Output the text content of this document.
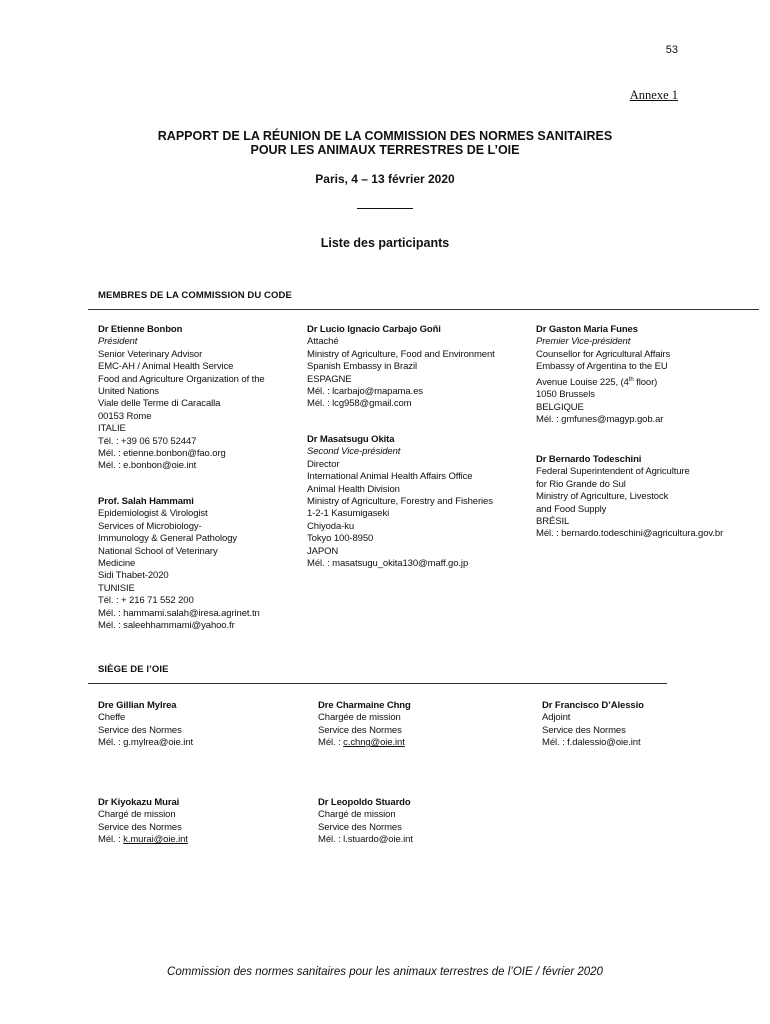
53
Annexe 1
RAPPORT DE LA RÉUNION DE LA COMMISSION DES NORMES SANITAIRES
POUR LES ANIMAUX TERRESTRES DE L’OIE
Paris, 4 – 13 février 2020
Liste des participants
MEMBRES DE LA COMMISSION DU CODE
Dr Etienne Bonbon
Président
Senior Veterinary Advisor
EMC-AH / Animal Health Service
Food and Agriculture Organization of the
United Nations
Viale delle Terme di Caracalla
00153 Rome
ITALIE
Tél. : +39 06 570 52447
Mél. : etienne.bonbon@fao.org
Mél. : e.bonbon@oie.int
Prof. Salah Hammami
Epidemiologist & Virologist
Services of Microbiology-
Immunology & General Pathology
National School of Veterinary
Medicine
Sidi Thabet-2020
TUNISIE
Tél. : + 216 71 552 200
Mél. : hammami.salah@iresa.agrinet.tn
Mél. : saleehhammami@yahoo.fr
Dr Lucio Ignacio Carbajo Goñi
Attaché
Ministry of Agriculture, Food and Environment
Spanish Embassy in Brazil
ESPAGNE
Mél. : lcarbajo@mapama.es
Mél. : lcg958@gmail.com
Dr Masatsugu Okita
Second Vice-président
Director
International Animal Health Affairs Office
Animal Health Division
Ministry of Agriculture, Forestry and Fisheries
1-2-1 Kasumigaseki
Chiyoda-ku
Tokyo 100-8950
JAPON
Mél. : masatsugu_okita130@maff.go.jp
Dr Gaston Maria Funes
Premier Vice-président
Counsellor for Agricultural Affairs
Embassy of Argentina to the EU
Avenue Louise 225, (4th floor)
1050 Brussels
BELGIQUE
Mél. : gmfunes@magyp.gob.ar
Dr Bernardo Todeschini
Federal Superintendent of Agriculture
for Rio Grande do Sul
Ministry of Agriculture, Livestock
and Food Supply
BRÉSIL
Mél. : bernardo.todeschini@agricultura.gov.br
SIÈGE DE l’OIE
Dre Gillian Mylrea
Cheffe
Service des Normes
Mél. : g.mylrea@oie.int
Dre Charmaine Chng
Chargée de mission
Service des Normes
Mél. : c.chng@oie.int
Dr Francisco D’Alessio
Adjoint
Service des Normes
Mél. : f.dalessio@oie.int
Dr Kiyokazu Murai
Chargé de mission
Service des Normes
Mél. : k.murai@oie.int
Dr Leopoldo Stuardo
Chargé de mission
Service des Normes
Mél. : l.stuardo@oie.int
Commission des normes sanitaires pour les animaux terrestres de l’OIE / février 2020
